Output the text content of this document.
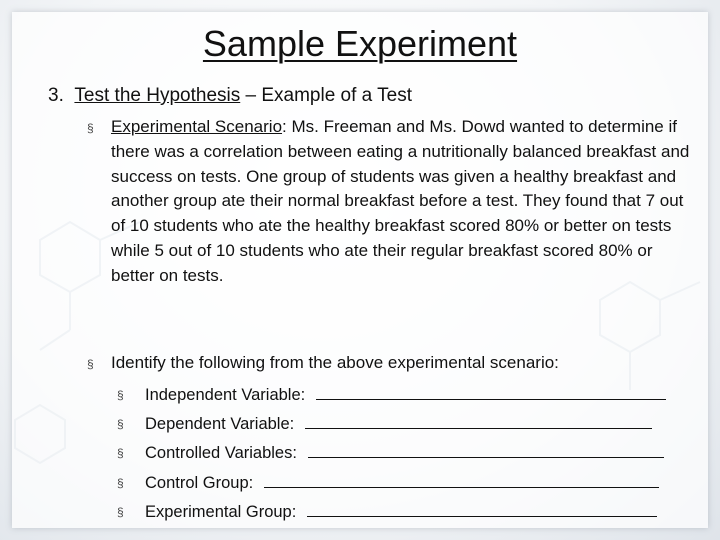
Sample Experiment
3. Test the Hypothesis – Example of a Test
§ Experimental Scenario: Ms. Freeman and Ms. Dowd wanted to determine if there was a correlation between eating a nutritionally balanced breakfast and success on tests. One group of students was given a healthy breakfast and another group ate their normal breakfast before a test. They found that 7 out of 10 students who ate the healthy breakfast scored 80% or better on tests while 5 out of 10 students who ate their regular breakfast scored 80% or better on tests.
§ Identify the following from the above experimental scenario:
§ Independent Variable:
§ Dependent Variable:
§ Controlled Variables:
§ Control Group:
§ Experimental Group:
